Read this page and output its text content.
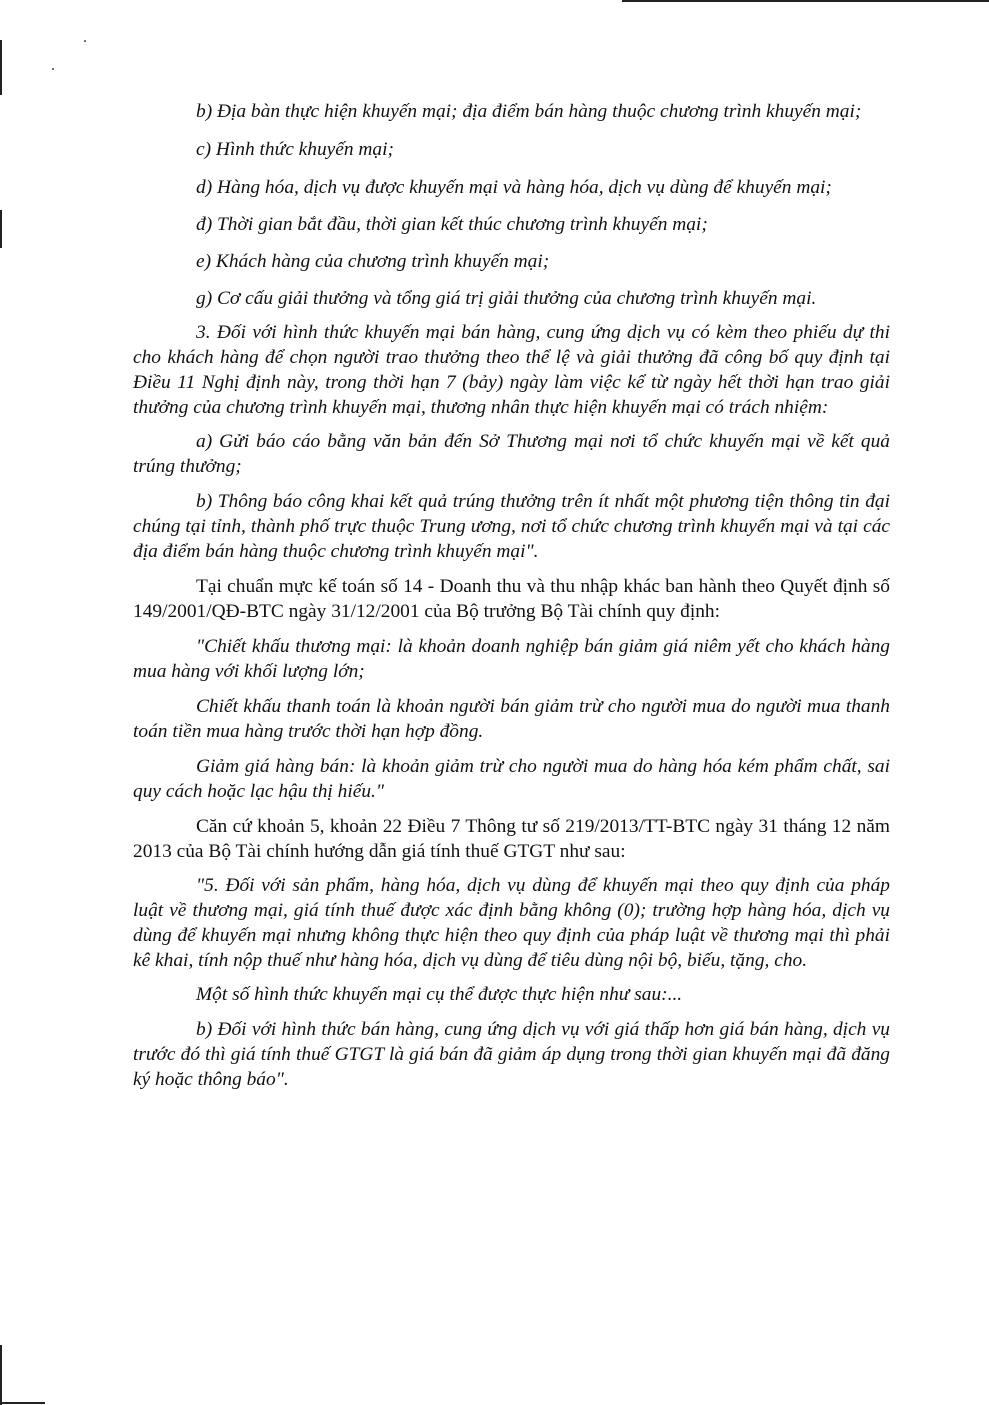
b) Địa bàn thực hiện khuyến mại; địa điểm bán hàng thuộc chương trình khuyến mại;

c) Hình thức khuyến mại;

d) Hàng hóa, dịch vụ được khuyến mại và hàng hóa, dịch vụ dùng để khuyến mại;

đ) Thời gian bắt đầu, thời gian kết thúc chương trình khuyến mại;

e) Khách hàng của chương trình khuyến mại;

g) Cơ cấu giải thưởng và tổng giá trị giải thưởng của chương trình khuyến mại.

3. Đối với hình thức khuyến mại bán hàng, cung ứng dịch vụ có kèm theo phiếu dự thi cho khách hàng để chọn người trao thưởng theo thể lệ và giải thưởng đã công bố quy định tại Điều 11 Nghị định này, trong thời hạn 7 (bảy) ngày làm việc kể từ ngày hết thời hạn trao giải thưởng của chương trình khuyến mại, thương nhân thực hiện khuyến mại có trách nhiệm:

a) Gửi báo cáo bằng văn bản đến Sở Thương mại nơi tổ chức khuyến mại về kết quả trúng thưởng;

b) Thông báo công khai kết quả trúng thưởng trên ít nhất một phương tiện thông tin đại chúng tại tỉnh, thành phố trực thuộc Trung ương, nơi tổ chức chương trình khuyến mại và tại các địa điểm bán hàng thuộc chương trình khuyến mại".

Tại chuẩn mực kế toán số 14 - Doanh thu và thu nhập khác ban hành theo Quyết định số 149/2001/QĐ-BTC ngày 31/12/2001 của Bộ trưởng Bộ Tài chính quy định:

"Chiết khấu thương mại: là khoản doanh nghiệp bán giảm giá niêm yết cho khách hàng mua hàng với khối lượng lớn;

Chiết khấu thanh toán là khoản người bán giảm trừ cho người mua do người mua thanh toán tiền mua hàng trước thời hạn hợp đồng.

Giảm giá hàng bán: là khoản giảm trừ cho người mua do hàng hóa kém phẩm chất, sai quy cách hoặc lạc hậu thị hiếu."

Căn cứ khoản 5, khoản 22 Điều 7 Thông tư số 219/2013/TT-BTC ngày 31 tháng 12 năm 2013 của Bộ Tài chính hướng dẫn giá tính thuế GTGT như sau:

"5. Đối với sản phẩm, hàng hóa, dịch vụ dùng để khuyến mại theo quy định của pháp luật về thương mại, giá tính thuế được xác định bằng không (0); trường hợp hàng hóa, dịch vụ dùng để khuyến mại nhưng không thực hiện theo quy định của pháp luật về thương mại thì phải kê khai, tính nộp thuế như hàng hóa, dịch vụ dùng để tiêu dùng nội bộ, biếu, tặng, cho.

Một số hình thức khuyến mại cụ thể được thực hiện như sau:...

b) Đối với hình thức bán hàng, cung ứng dịch vụ với giá thấp hơn giá bán hàng, dịch vụ trước đó thì giá tính thuế GTGT là giá bán đã giảm áp dụng trong thời gian khuyến mại đã đăng ký hoặc thông báo".
